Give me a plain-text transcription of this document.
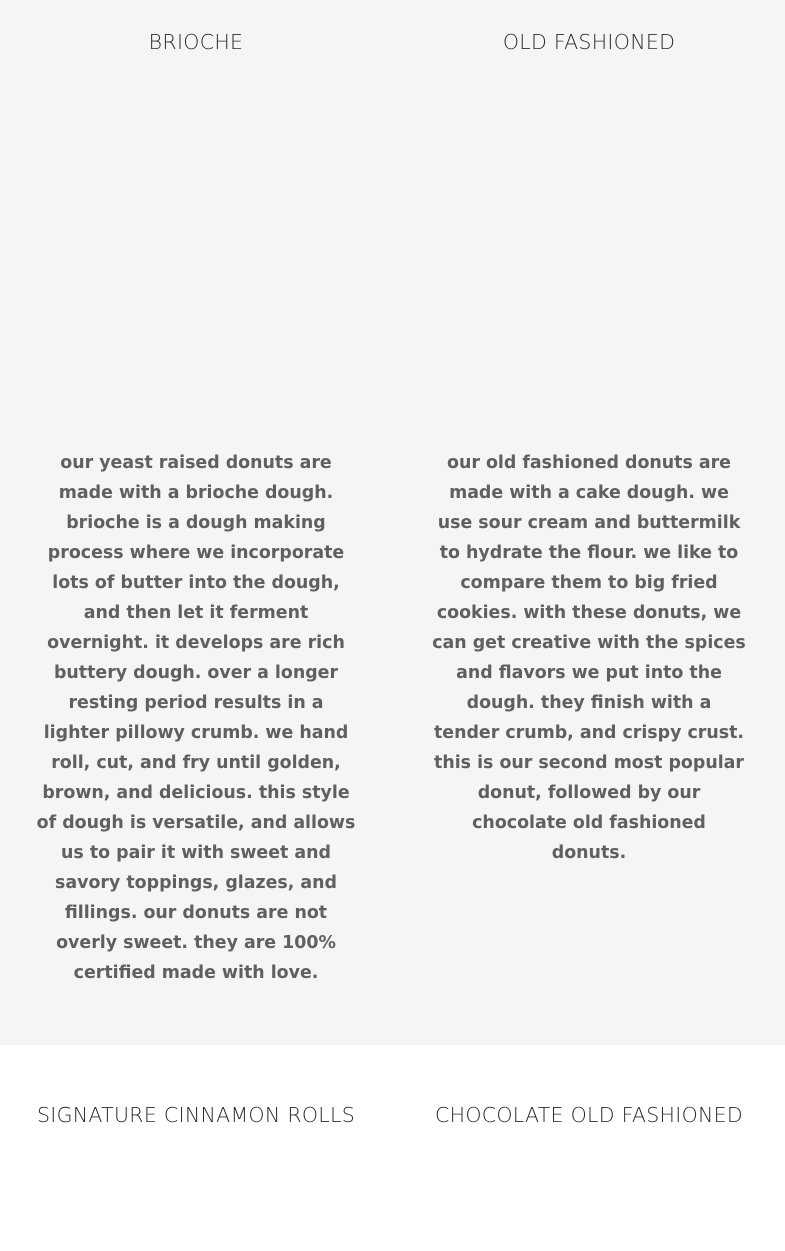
BRIOCHE

our yeast raised donuts are
made with a brioche dough.
brioche is a dough making
process where we incorporate
lots of butter into the dough,
and then let it ferment
overnight. it develops are rich
buttery dough. over a longer
resting period results in a
lighter pillowy crumb. we hand
roll, cut, and fry until golden,
brown, and delicious. this style
of dough is versatile, and allows
us to pair it with sweet and
savory toppings, glazes, and
fillings. our donuts are not
overly sweet. they are 100%
certified made with love.

OLD FASHIONED

our old fashioned donuts are
made with a cake dough. we
use sour cream and buttermilk
to hydrate the flour. we like to
compare them to big fried
cookies. with these donuts, we
can get creative with the spices
and flavors we put into the
dough. they finish with a
tender crumb, and crispy crust.
this is our second most popular
donut, followed by our
chocolate old fashioned
donuts.

SIGNATURE CINNAMON ROLLS	CHOCOLATE OLD FASHIONED
